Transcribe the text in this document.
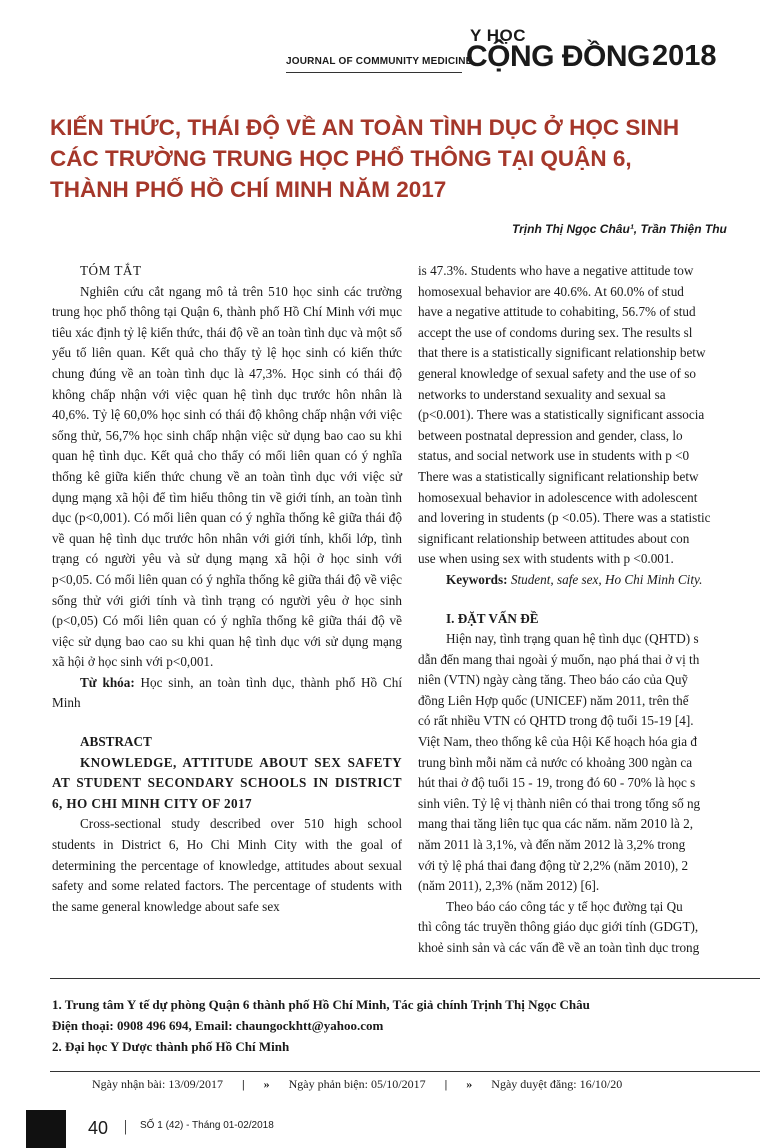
JOURNAL OF COMMUNITY MEDICINE
Y HỌC
CỘNG ĐỒNG 2018
KIẾN THỨC, THÁI ĐỘ VỀ AN TOÀN TÌNH DỤC Ở HỌC SINH
CÁC TRƯỜNG TRUNG HỌC PHỔ THÔNG TẠI QUẬN 6,
THÀNH PHỐ HỒ CHÍ MINH NĂM 2017
Trịnh Thị Ngọc Châu¹, Trần Thiện Thu

TÓM TẮT

Nghiên cứu cắt ngang mô tả trên 510 học sinh các trường trung học phổ thông tại Quận 6, thành phố Hồ Chí Minh với mục tiêu xác định tỷ lệ kiến thức, thái độ về an toàn tình dục và một số yếu tố liên quan. Kết quả cho thấy tỷ lệ học sinh có kiến thức chung đúng về an toàn tình dục là 47,3%. Học sinh có thái độ không chấp nhận với việc quan hệ tình dục trước hôn nhân là 40,6%. Tỷ lệ 60,0% học sinh có thái độ không chấp nhận với việc sống thử, 56,7% học sinh chấp nhận việc sử dụng bao cao su khi quan hệ tình dục. Kết quả cho thấy có mối liên quan có ý nghĩa thống kê giữa kiến thức chung về an toàn tình dục với việc sử dụng mạng xã hội để tìm hiểu thông tin về giới tính, an toàn tình dục (p<0,001). Có mối liên quan có ý nghĩa thống kê giữa thái độ về quan hệ tình dục trước hôn nhân với giới tính, khối lớp, tình trạng có người yêu và sử dụng mạng xã hội ở học sinh với p<0,05. Có mối liên quan có ý nghĩa thống kê giữa thái độ về việc sống thử với giới tính và tình trạng có người yêu ở học sinh (p<0,05) Có mối liên quan có ý nghĩa thống kê giữa thái độ về việc sử dụng bao cao su khi quan hệ tình dục với sử dụng mạng xã hội ở học sinh với p<0,001.

Từ khóa: Học sinh, an toàn tình dục, thành phố Hồ Chí Minh

ABSTRACT

KNOWLEDGE, ATTITUDE ABOUT SEX SAFETY AT STUDENT SECONDARY SCHOOLS IN DISTRICT 6, HO CHI MINH CITY OF 2017

Cross-sectional study described over 510 high school students in District 6, Ho Chi Minh City with the goal of determining the percentage of knowledge, attitudes about sexual safety and some related factors. The percentage of students with the same general knowledge about safe sex

is 47.3%. Students who have a negative attitude tow
homosexual behavior are 40.6%. At 60.0% of stud
have a negative attitude to cohabiting, 56.7% of stud
accept the use of condoms during sex. The results sl
that there is a statistically significant relationship betw
general knowledge of sexual safety and the use of so
networks to understand sexuality and sexual sa
(p<0.001). There was a statistically significant associa
between postnatal depression and gender, class, lo
status, and social network use in students with p <0
There was a statistically significant relationship betw
homosexual behavior in adolescence with adolescent
and lovering in students (p <0.05). There was a statistic
significant relationship between attitudes about con
use when using sex with students with p <0.001.
Keywords: Student, safe sex, Ho Chi Minh City.

I. ĐẶT VẤN ĐỀ

Hiện nay, tình trạng quan hệ tình dục (QHTD) s
dẫn đến mang thai ngoài ý muốn, nạo phá thai ở vị th
niên (VTN) ngày càng tăng. Theo báo cáo của Quỹ
đồng Liên Hợp quốc (UNICEF) năm 2011, trên thế
có rất nhiều VTN có QHTD trong độ tuổi 15-19 [4].
Việt Nam, theo thống kê của Hội Kế hoạch hóa gia đ
trung bình mỗi năm cả nước có khoảng 300 ngàn ca
hút thai ở độ tuổi 15 - 19, trong đó 60 - 70% là học s
sinh viên. Tỷ lệ vị thành niên có thai trong tổng số ng
mang thai tăng liên tục qua các năm. năm 2010 là 2,
năm 2011 là 3,1%, và đến năm 2012 là 3,2% trong
với tỷ lệ phá thai đang động từ 2,2% (năm 2010), 2
(năm 2011), 2,3% (năm 2012) [6].
Theo báo cáo công tác y tế học đường tại Qu
thì công tác truyền thông giáo dục giới tính (GDGT),
khoẻ sinh sản và các vấn đề về an toàn tình dục trong
1. Trung tâm Y tế dự phòng Quận 6 thành phố Hồ Chí Minh, Tác giả chính Trịnh Thị Ngọc Châu
Điện thoại: 0908 496 694, Email: chaungockhtt@yahoo.com
2. Đại học Y Dược thành phố Hồ Chí Minh
Ngày nhận bài: 13/09/2017 | » Ngày phản biện: 05/10/2017 | » Ngày duyệt đăng: 16/10/20
40 | SỐ 1 (42) - Tháng 01-02/2018
